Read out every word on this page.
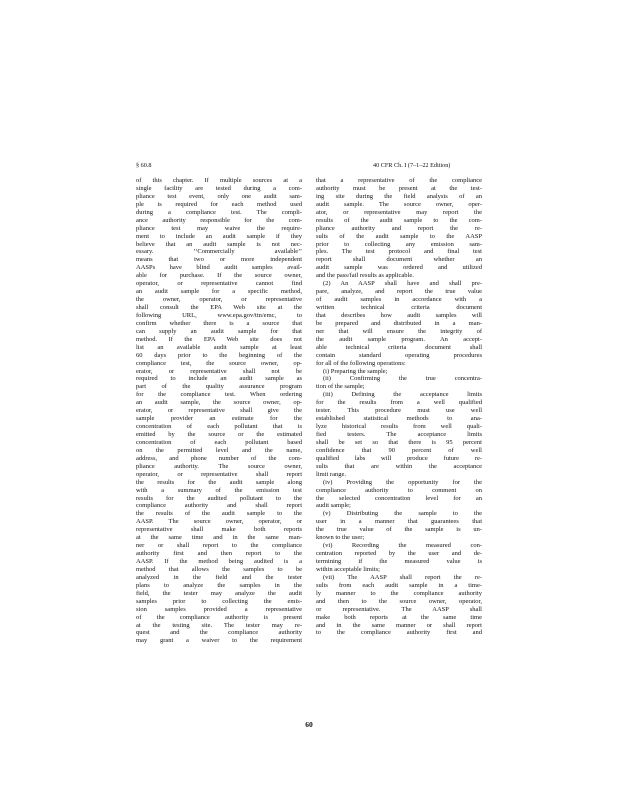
§ 60.8	40 CFR Ch. I (7–1–22 Edition)
of this chapter. If multiple sources at a
single facility are tested during a com-
pliance test event, only one audit sam-
ple is required for each method used
during a compliance test. The compli-
ance authority responsible for the com-
pliance test may waive the require-
ment to include an audit sample if they
believe that an audit sample is not nec-
essary. ‘‘Commercially available’’
means that two or more independent
AASPs have blind audit samples avail-
able for purchase. If the source owner,
operator, or representative cannot find
an audit sample for a specific method,
the owner, operator, or representative
shall consult the EPA Web site at the
following URL, www.epa.gov/ttn/emc, to
confirm whether there is a source that
can supply an audit sample for that
method. If the EPA Web site does not
list an available audit sample at least
60 days prior to the beginning of the
compliance test, the source owner, op-
erator, or representative shall not be
required to include an audit sample as
part of the quality assurance program
for the compliance test. When ordering
an audit sample, the source owner, op-
erator, or representative shall give the
sample provider an estimate for the
concentration of each pollutant that is
emitted by the source or the estimated
concentration of each pollutant based
on the permitted level and the name,
address, and phone number of the com-
pliance authority. The source owner,
operator, or representative shall report
the results for the audit sample along
with a summary of the emission test
results for the audited pollutant to the
compliance authority and shall report
the results of the audit sample to the
AASP. The source owner, operator, or
representative shall make both reports
at the same time and in the same man-
ner or shall report to the compliance
authority first and then report to the
AASP. If the method being audited is a
method that allows the samples to be
analyzed in the field and the tester
plans to analyze the samples in the
field, the tester may analyze the audit
samples prior to collecting the emis-
sion samples provided a representative
of the compliance authority is present
at the testing site. The tester may re-
quest and the compliance authority
may grant a waiver to the requirement
that a representative of the compliance
authority must be present at the test-
ing site during the field analysis of an
audit sample. The source owner, oper-
ator, or representative may report the
results of the audit sample to the com-
pliance authority and report the re-
sults of the audit sample to the AASP
prior to collecting any emission sam-
ples. The test protocol and final test
report shall document whether an
audit sample was ordered and utilized
and the pass/fail results as applicable.
(2) An AASP shall have and shall pre-
pare, analyze, and report the true value
of audit samples in accordance with a
written technical criteria document
that describes how audit samples will
be prepared and distributed in a man-
ner that will ensure the integrity of
the audit sample program. An accept-
able technical criteria document shall
contain standard operating procedures
for all of the following operations:
(i) Preparing the sample;
(ii) Confirming the true concentra-
tion of the sample;
(iii) Defining the acceptance limits
for the results from a well qualified
tester. This procedure must use well
established statistical methods to ana-
lyze historical results from well quali-
fied testers. The acceptance limits
shall be set so that there is 95 percent
confidence that 90 percent of well
qualified labs will produce future re-
sults that are within the acceptance
limit range.
(iv) Providing the opportunity for the
compliance authority to comment on
the selected concentration level for an
audit sample;
(v) Distributing the sample to the
user in a manner that guarantees that
the true value of the sample is un-
known to the user;
(vi) Recording the measured con-
centration reported by the user and de-
termining if the measured value is
within acceptable limits;
(vii) The AASP shall report the re-
sults from each audit sample in a time-
ly manner to the compliance authority
and then to the source owner, operator,
or representative. The AASP shall
make both reports at the same time
and in the same manner or shall report
to the compliance authority first and
60
